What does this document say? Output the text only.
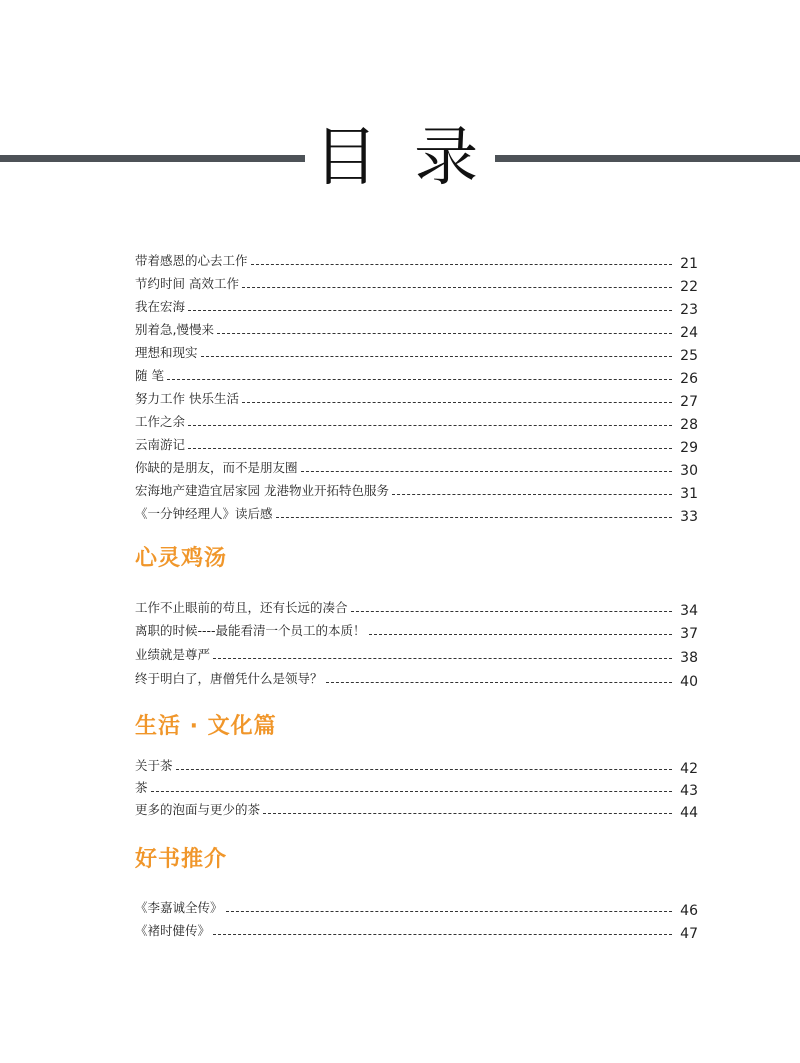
目 录
心灵鸡汤
生活 · 文化篇
好书推介
带着感恩的心去工作	21
节约时间 高效工作	22
我在宏海	23
别着急,慢慢来	24
理想和现实	25
随 笔	26
努力工作 快乐生活	27
工作之余	28
云南游记	29
你缺的是朋友，而不是朋友圈	30
宏海地产建造宜居家园 龙港物业开拓特色服务	31
《一分钟经理人》读后感	33
工作不止眼前的苟且，还有长远的凑合	34
离职的时候----最能看清一个员工的本质！	37
业绩就是尊严	38
终于明白了，唐僧凭什么是领导？	40
关于茶	42
茶	43
更多的泡面与更少的茶	44
《李嘉诚全传》	46
《褚时健传》	47
